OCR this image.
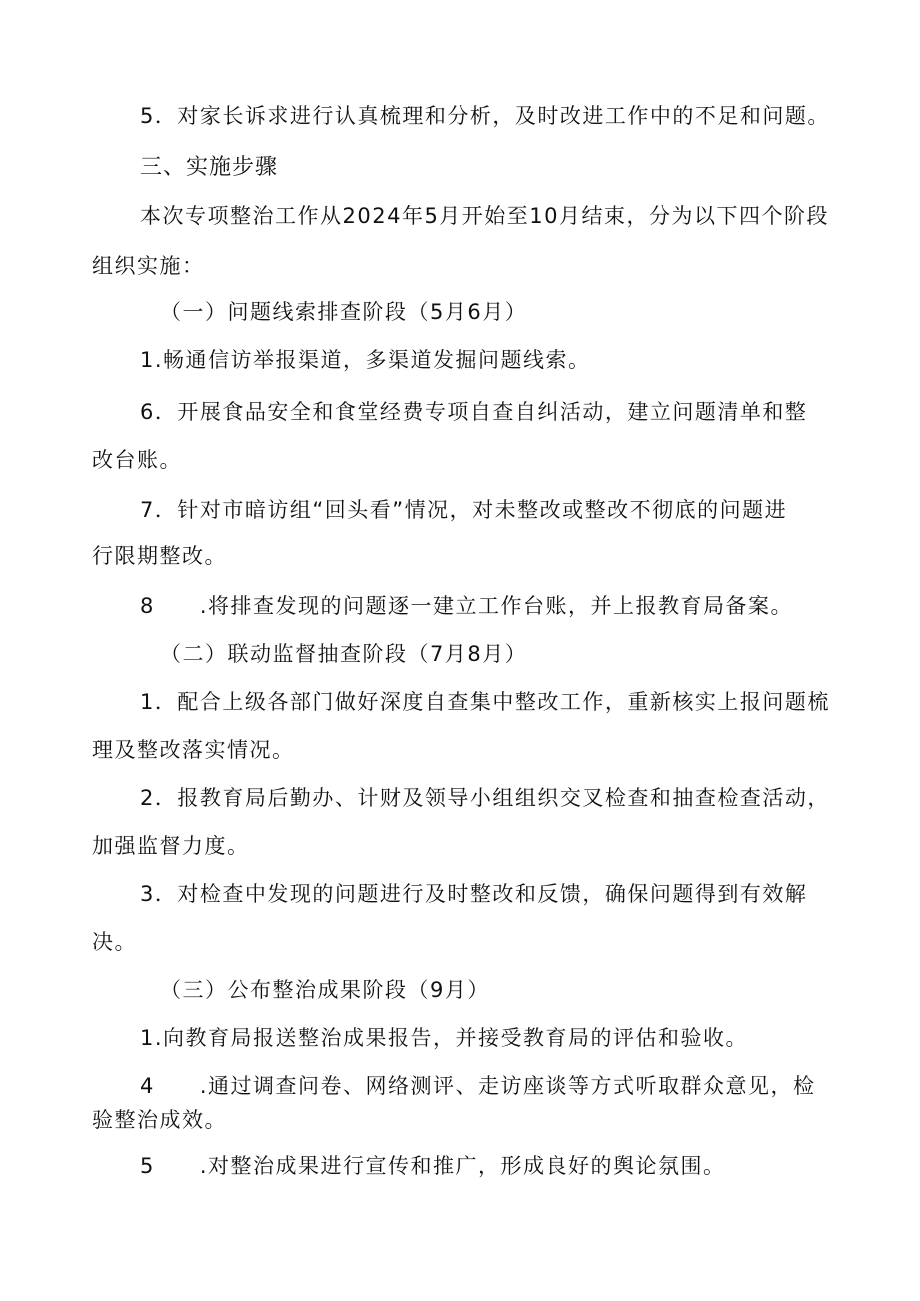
5．对家长诉求进行认真梳理和分析，及时改进工作中的不足和问题。
三、实施步骤
本次专项整治工作从2024年5月开始至10月结束，分为以下四个阶段
组织实施：
（一）问题线索排查阶段（5月6月）
1.畅通信访举报渠道，多渠道发掘问题线索。
6．开展食品安全和食堂经费专项自查自纠活动，建立问题清单和整
改台账。
7．针对市暗访组“回头看”情况，对未整改或整改不彻底的问题进
行限期整改。
8　　.将排查发现的问题逐一建立工作台账，并上报教育局备案。
（二）联动监督抽查阶段（7月8月）
1．配合上级各部门做好深度自查集中整改工作，重新核实上报问题梳
理及整改落实情况。
2．报教育局后勤办、计财及领导小组组织交叉检查和抽查检查活动，
加强监督力度。
3．对检查中发现的问题进行及时整改和反馈，确保问题得到有效解
决。
（三）公布整治成果阶段（9月）
1.向教育局报送整治成果报告，并接受教育局的评估和验收。
4　　.通过调查问卷、网络测评、走访座谈等方式听取群众意见，检
验整治成效。
5　　.对整治成果进行宣传和推广，形成良好的舆论氛围。
